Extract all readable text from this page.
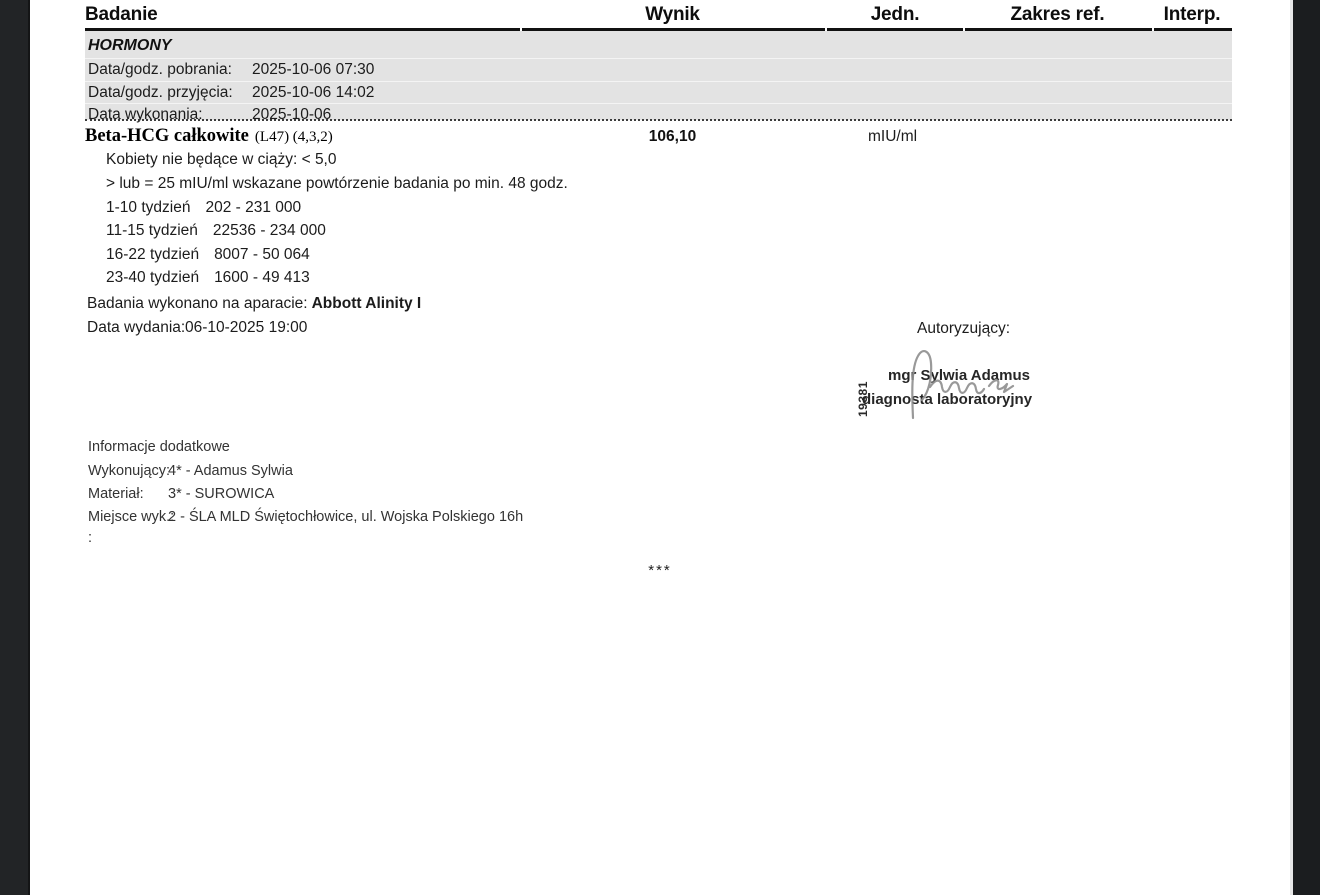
Badanie	Wynik	Jedn.	Zakres ref.	Interp.
HORMONY
Data/godz. pobrania: 2025-10-06 07:30
Data/godz. przyjęcia: 2025-10-06 14:02
Data wykonania:	2025-10-06
Beta-HCG całkowite (L47) (4,3,2)	106,10	mIU/ml
Kobiety nie będące w ciąży: < 5,0
> lub = 25 mIU/ml wskazane powtórzenie badania po min. 48 godz.
1-10 tydzień 202 - 231 000
11-15 tydzień 22536 - 234 000
16-22 tydzień 8007 - 50 064
23-40 tydzień 1600 - 49 413
Badania wykonano na aparacie: Abbott Alinity I
Data wydania:06-10-2025 19:00	Autoryzujący:
19381
mgr Sylwia Adamus
diagnosta laboratoryjny
Informacje dodatkowe
Wykonujący:4* - Adamus Sylwia
Materiał: 3* - SUROWICA
Miejsce wyk.:2 - ŚLA MLD Świętochłowice, ul. Wojska Polskiego 16h
:
***
